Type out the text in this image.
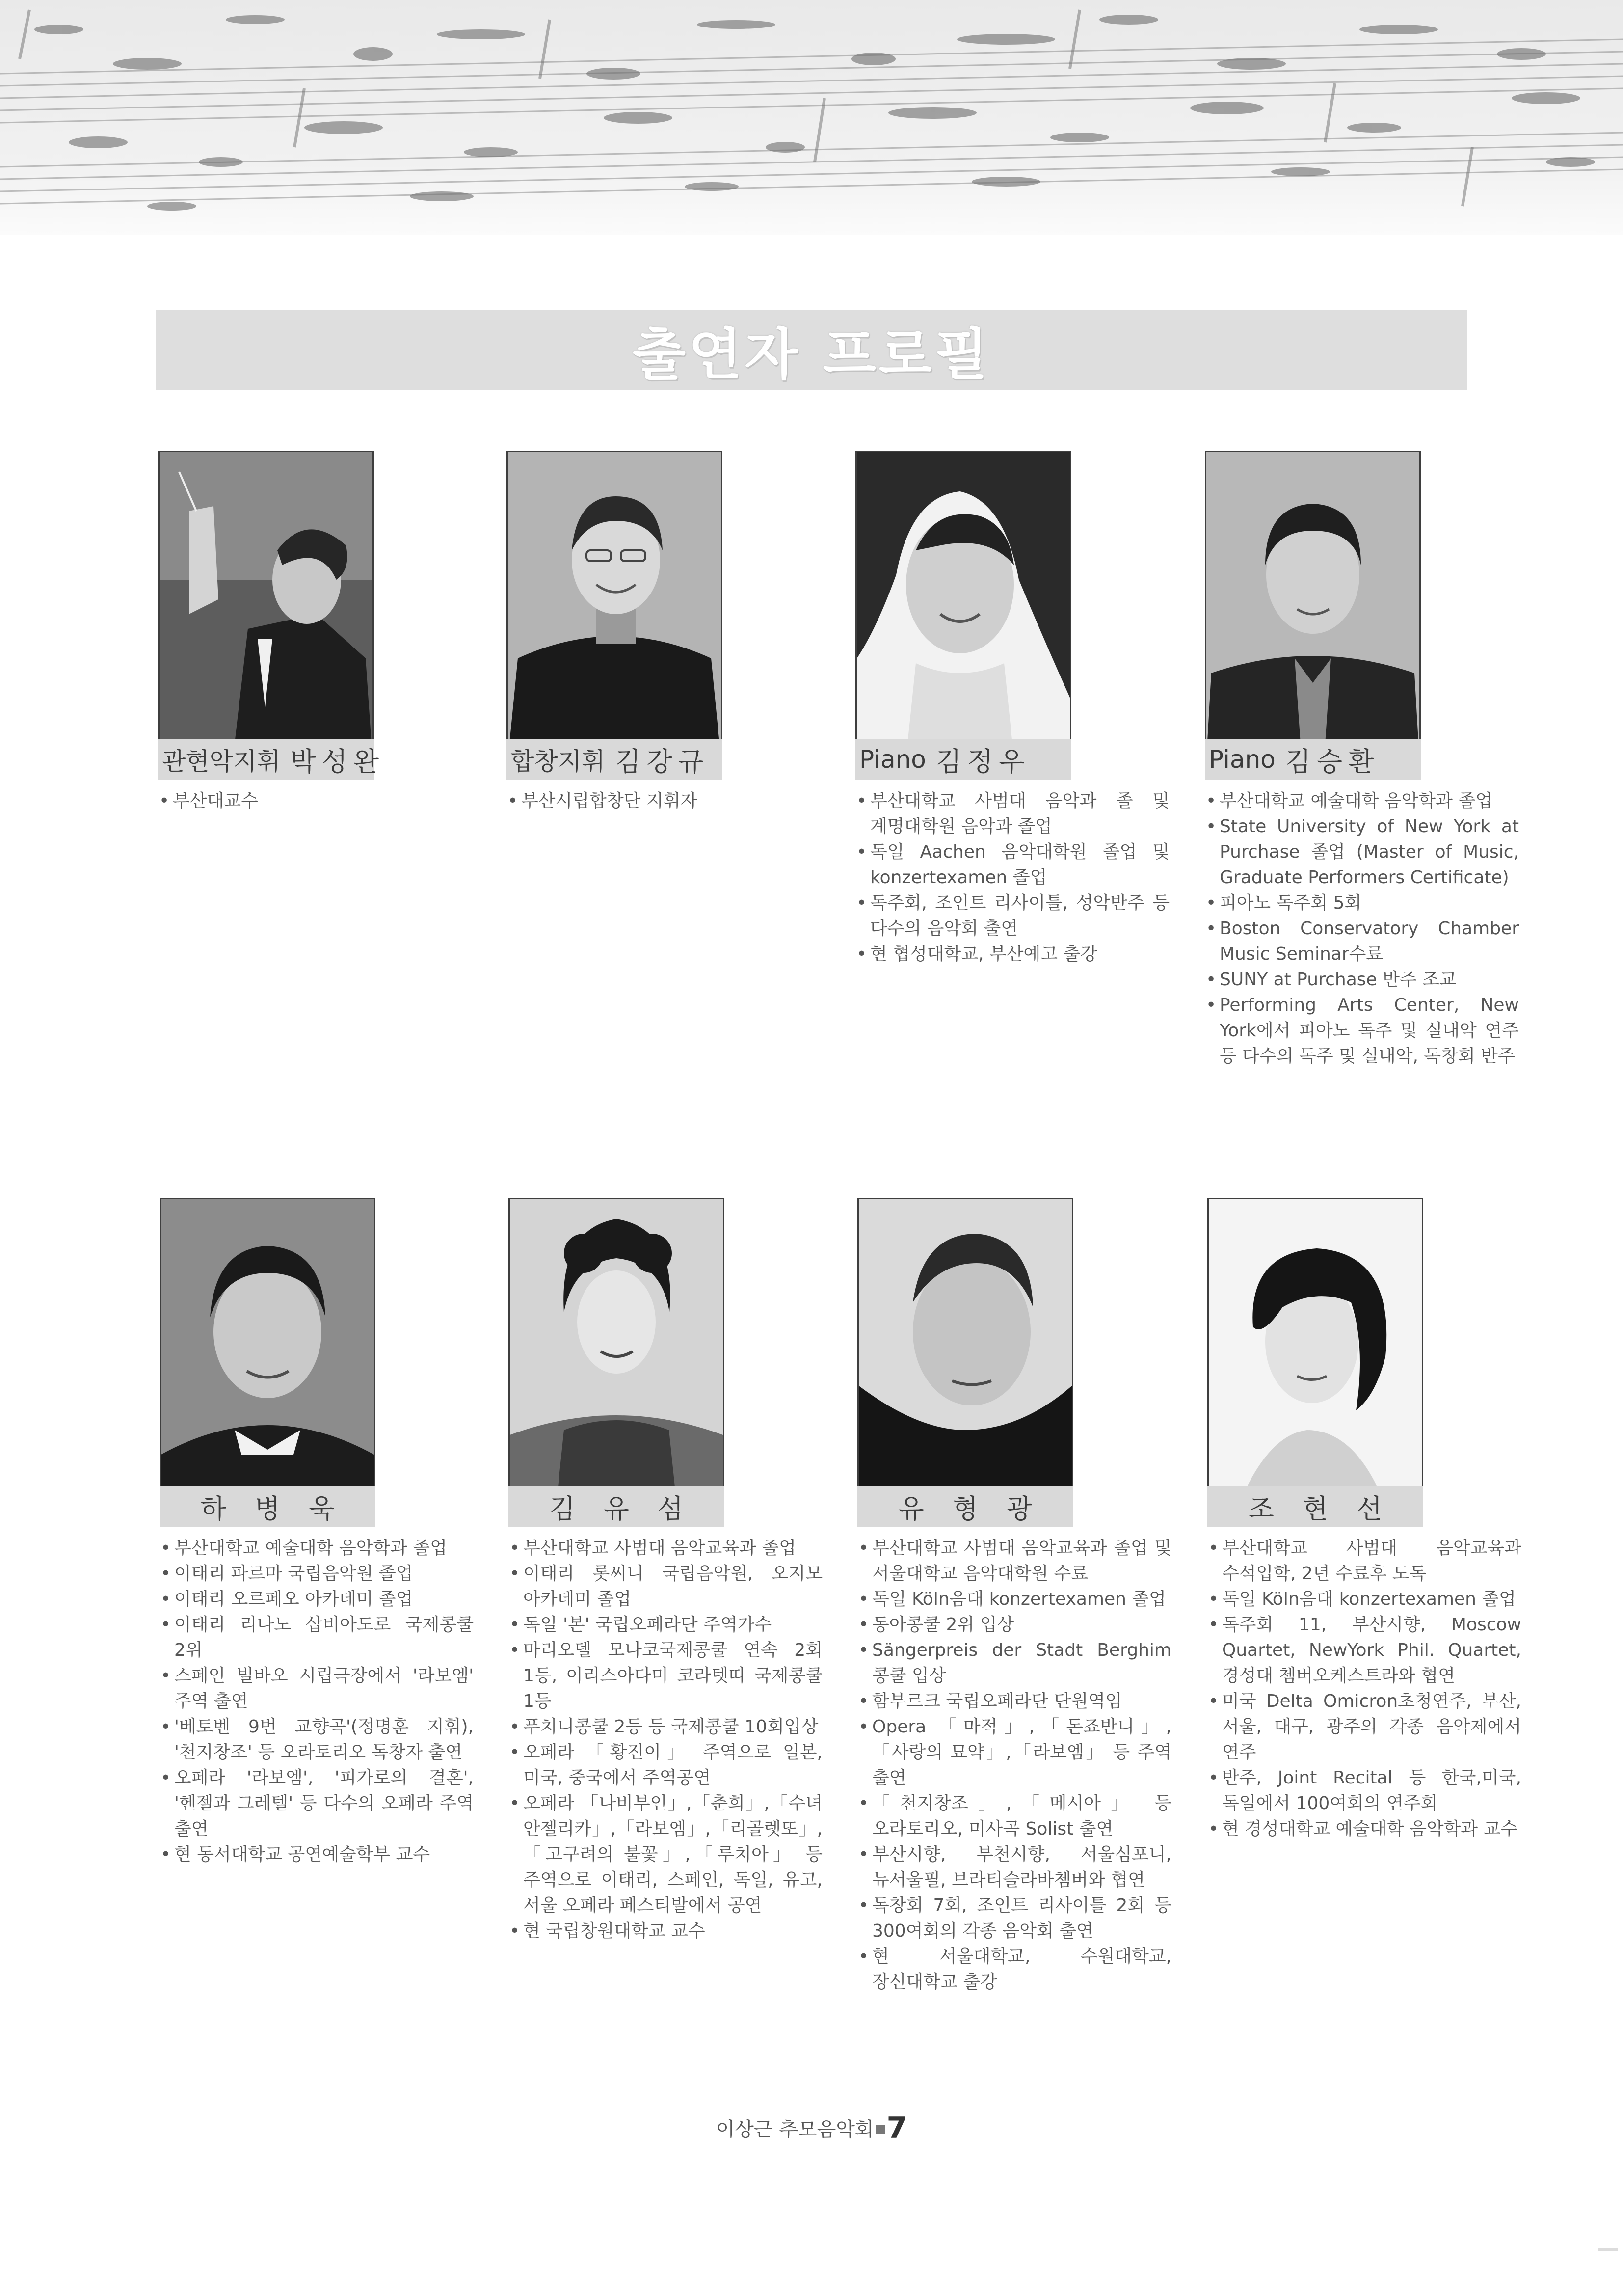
출연자 프로필
관현악지휘 박성완
• 부산대교수
합창지휘 김강규
• 부산시립합창단 지휘자
Piano 김정우
• 부산대학교 사범대 음악과 졸 및 계명대학원 음악과 졸업
• 독일 Aachen 음악대학원 졸업 및 konzertexamen 졸업
• 독주회, 조인트 리사이틀, 성악반주 등 다수의 음악회 출연
• 현 협성대학교, 부산예고 출강
Piano 김승환
• 부산대학교 예술대학 음악학과 졸업
• State University of New York at Purchase 졸업 (Master of Music, Graduate Performers Certificate)
• 피아노 독주회 5회
• Boston Conservatory Chamber Music Seminar수료
• SUNY at Purchase 반주 조교
• Performing Arts Center, New York에서 피아노 독주 및 실내악 연주 등 다수의 독주 및 실내악, 독창회 반주
하병욱
• 부산대학교 예술대학 음악학과 졸업
• 이태리 파르마 국립음악원 졸업
• 이태리 오르페오 아카데미 졸업
• 이태리 리나노 삽비아도로 국제콩쿨 2위
• 스페인 빌바오 시립극장에서 '라보엠' 주역 출연
• '베토벤 9번 교향곡'(정명훈 지휘), '천지창조' 등 오라토리오 독창자 출연
• 오페라 '라보엠', '피가로의 결혼', '헨젤과 그레텔' 등 다수의 오페라 주역 출연
• 현 동서대학교 공연예술학부 교수
김유섬
• 부산대학교 사범대 음악교육과 졸업
• 이태리 롯씨니 국립음악원, 오지모 아카데미 졸업
• 독일 '본' 국립오페라단 주역가수
• 마리오델 모나코국제콩쿨 연속 2회 1등, 이리스아다미 코라텟띠 국제콩쿨 1등
• 푸치니콩쿨 2등 등 국제콩쿨 10회입상
• 오페라 「황진이」 주역으로 일본, 미국, 중국에서 주역공연
• 오페라 「나비부인」,「춘희」,「수녀 안젤리카」,「라보엠」,「리골렛또」,「고구려의 불꽃」,「루치아」 등 주역으로 이태리, 스페인, 독일, 유고, 서울 오페라 페스티발에서 공연
• 현 국립창원대학교 교수
유형광
• 부산대학교 사범대 음악교육과 졸업 및 서울대학교 음악대학원 수료
• 독일 Köln음대 konzertexamen 졸업
• 동아콩쿨 2위 입상
• Sängerpreis der Stadt Berghim 콩쿨 입상
• 함부르크 국립오페라단 단원역임
• Opera 「마적」,「돈죠반니」,「사랑의 묘약」,「라보엠」 등 주역 출연
• 「천지창조」,「메시아」 등 오라토리오, 미사곡 Solist 출연
• 부산시향, 부천시향, 서울심포니, 뉴서울필, 브라티슬라바쳄버와 협연
• 독창회 7회, 조인트 리사이틀 2회 등 300여회의 각종 음악회 출연
• 현 서울대학교, 수원대학교, 장신대학교 출강
조현선
• 부산대학교 사범대 음악교육과 수석입학, 2년 수료후 도독
• 독일 Köln음대 konzertexamen 졸업
• 독주회 11, 부산시향, Moscow Quartet, NewYork Phil. Quartet, 경성대 쳄버오케스트라와 협연
• 미국 Delta Omicron초청연주, 부산, 서울, 대구, 광주의 각종 음악제에서 연주
• 반주, Joint Recital 등 한국,미국, 독일에서 100여회의 연주회
• 현 경성대학교 예술대학 음악학과 교수
이상근 추모음악회 7
